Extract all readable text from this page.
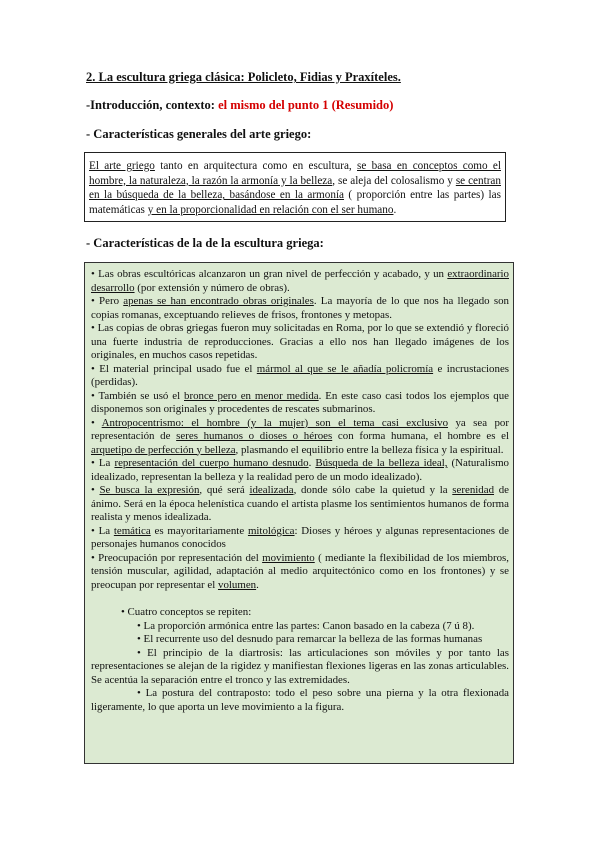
2. La escultura griega clásica: Policleto, Fidias y Praxíteles.
-Introducción, contexto: el mismo del punto 1 (Resumido)
- Características generales del arte griego:
El arte griego tanto en arquitectura como en escultura, se basa en conceptos como el hombre, la naturaleza, la razón la armonía y la belleza, se aleja del colosalismo y se centran en la búsqueda de la belleza, basándose en la armonía ( proporción entre las partes) las matemáticas y en la proporcionalidad en relación con el ser humano.
- Características de la de la escultura griega:

• Las obras escultóricas alcanzaron un gran nivel de perfección y acabado, y un extraordinario desarrollo (por extensión y número de obras).

• Pero apenas se han encontrado obras originales. La mayoría de lo que nos ha llegado son copias romanas, exceptuando relieves de frisos, frontones y metopas.

• Las copias de obras griegas fueron muy solicitadas en Roma, por lo que se extendió y floreció una fuerte industria de reproducciones. Gracias a ello nos han llegado imágenes de los originales, en muchos casos repetidas.

• El material principal usado fue el mármol al que se le añadía policromía e incrustaciones (perdidas).

• También se usó el bronce pero en menor medida. En este caso casi todos los ejemplos que disponemos son originales y procedentes de rescates submarinos.

• Antropocentrismo: el hombre (y la mujer) son el tema casi exclusivo ya sea por representación de seres humanos o dioses o héroes con forma humana, el hombre es el arquetipo de perfección y belleza, plasmando el equilibrio entre la belleza física y la espiritual.

• La representación del cuerpo humano desnudo. Búsqueda de la belleza ideal, (Naturalismo idealizado, representan la belleza y la realidad pero de un modo idealizado).

• Se busca la expresión, qué será idealizada, donde sólo cabe la quietud y la serenidad de ánimo. Será en la época helenística cuando el artista plasme los sentimientos humanos de forma realista y menos idealizada.

• La temática es mayoritariamente mitológica: Dioses y héroes y algunas representaciones de personajes humanos conocidos

• Preocupación por representación del movimiento ( mediante la flexibilidad de los miembros, tensión muscular, agilidad, adaptación al medio arquitectónico como en los frontones) y se preocupan por representar el volumen.

• Cuatro conceptos se repiten:

• La proporción armónica entre las partes: Canon basado en la cabeza (7 ú 8).

• El recurrente uso del desnudo para remarcar la belleza de las formas humanas

• El principio de la diartrosis: las articulaciones son móviles y por tanto las representaciones se alejan de la rigidez y manifiestan flexiones ligeras en las zonas articulables. Se acentúa la separación entre el tronco y las extremidades.

• La postura del contraposto: todo el peso sobre una pierna y la otra flexionada ligeramente, lo que aporta un leve movimiento a la figura.
